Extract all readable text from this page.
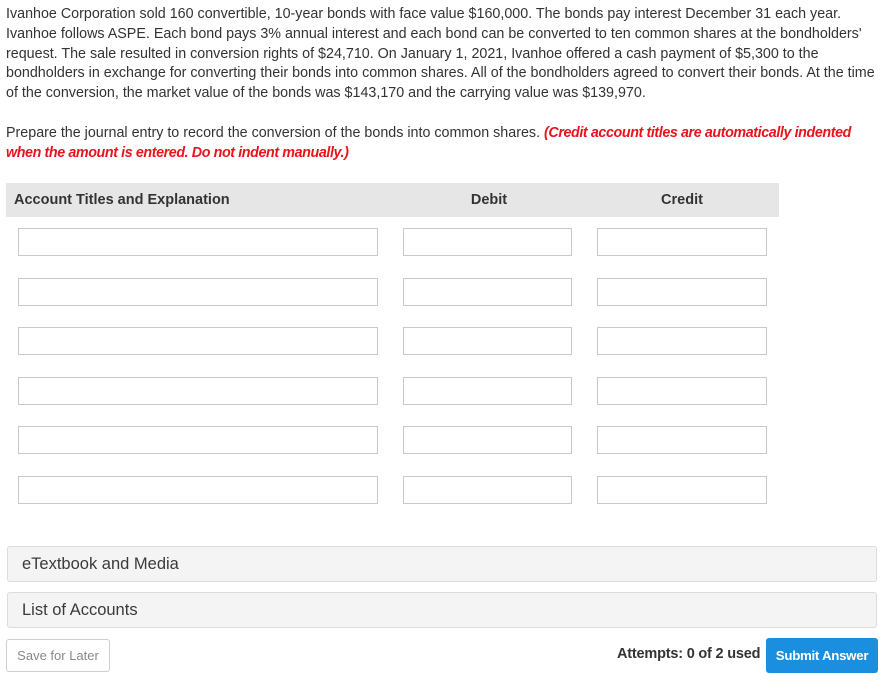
Ivanhoe Corporation sold 160 convertible, 10-year bonds with face value $160,000. The bonds pay interest December 31 each year. Ivanhoe follows ASPE. Each bond pays 3% annual interest and each bond can be converted to ten common shares at the bondholders' request. The sale resulted in conversion rights of $24,710. On January 1, 2021, Ivanhoe offered a cash payment of $5,300 to the bondholders in exchange for converting their bonds into common shares. All of the bondholders agreed to convert their bonds. At the time of the conversion, the market value of the bonds was $143,170 and the carrying value was $139,970.

Prepare the journal entry to record the conversion of the bonds into common shares. (Credit account titles are automatically indented when the amount is entered. Do not indent manually.)

Account Titles and Explanation	Debit	Credit
eTextbook and Media
List of Accounts
Save for Later	Attempts: 0 of 2 used	Submit Answer
